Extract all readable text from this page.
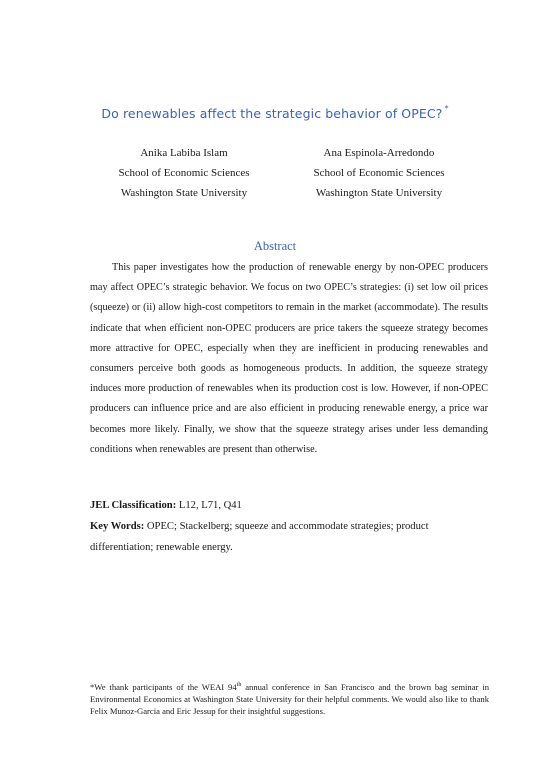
Do renewables affect the strategic behavior of OPEC? *
Anika Labiba Islam
School of Economic Sciences
Washington State University
Ana Espinola-Arredondo
School of Economic Sciences
Washington State University
Abstract

This paper investigates how the production of renewable energy by non-OPEC producers may affect OPEC’s strategic behavior. We focus on two OPEC’s strategies: (i) set low oil prices (squeeze) or (ii) allow high-cost competitors to remain in the market (accommodate). The results indicate that when efficient non-OPEC producers are price takers the squeeze strategy becomes more attractive for OPEC, especially when they are inefficient in producing renewables and consumers perceive both goods as homogeneous products. In addition, the squeeze strategy induces more production of renewables when its production cost is low. However, if non-OPEC producers can influence price and are also efficient in producing renewable energy, a price war becomes more likely. Finally, we show that the squeeze strategy arises under less demanding conditions when renewables are present than otherwise.

JEL Classification: L12, L71, Q41
Key Words: OPEC; Stackelberg; squeeze and accommodate strategies; product differentiation; renewable energy.

*We thank participants of the WEAI 94th annual conference in San Francisco and the brown bag seminar in Environmental Economics at Washington State University for their helpful comments. We would also like to thank Felix Munoz-Garcia and Eric Jessup for their insightful suggestions.
